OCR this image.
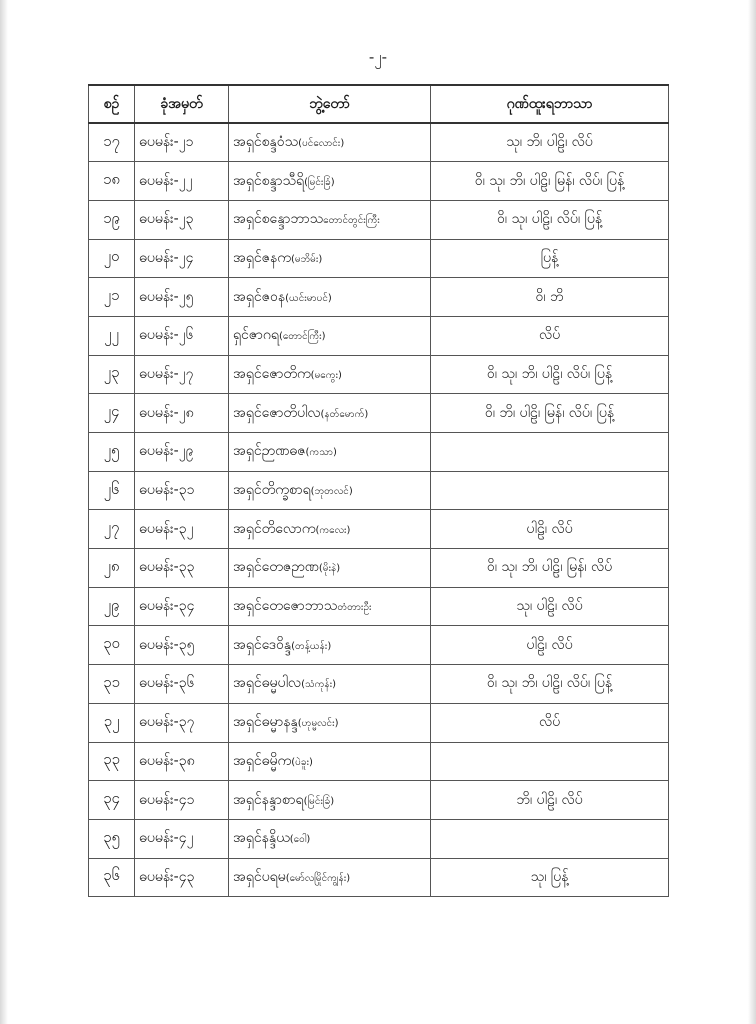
-၂-
စဉ်	ခုံအမှတ်	ဘွဲ့တော်	ဂုဏ်ထူးရဘာသာ
၁၇	ဓပမန်း-၂၁	အရှင်စန္ဒဝံသ(ပင်လောင်း)	သု၊ ဘိ၊ ပါဠိ၊ လိပ်
၁၈	ဓပမန်း-၂၂	အရှင်စန္ဒာသီရိ(မြင်းခြံ)	ဝိ၊ သု၊ ဘိ၊ ပါဠိ၊ မြန်၊ လိပ်၊ ပြန့်
၁၉	ဓပမန်း-၂၃	အရှင်စန္ဒောဘာသတောင်တွင်းကြီး	ဝိ၊ သု၊ ပါဠိ၊ လိပ်၊ ပြန့်
၂၀	ဓပမန်း-၂၄	အရှင်ဇနက(မဘိမ်း)	ပြန့်
၂၁	ဓပမန်း-၂၅	အရှင်ဇဝန(ယင်းမာပင်)	ဝိ၊ ဘိ
၂၂	ဓပမန်း-၂၆	ရှင်ဇာဂရ(တောင်ကြီး)	လိပ်
၂၃	ဓပမန်း-၂၇	အရှင်ဇောတိက(မကွေး)	ဝိ၊ သု၊ ဘိ၊ ပါဠိ၊ လိပ်၊ ပြန့်
၂၄	ဓပမန်း-၂၈	အရှင်ဇောတိပါလ(နတ်မောက်)	ဝိ၊ ဘိ၊ ပါဠိ၊ မြန်၊ လိပ်၊ ပြန့်
၂၅	ဓပမန်း-၂၉	အရှင်ဉာဏဓဇ(ကသာ)	
၂၆	ဓပမန်း-၃၁	အရှင်တိက္ခစာရ(ဘုတလင်)	
၂၇	ဓပမန်း-၃၂	အရှင်တိလောက(ကလေး)	ပါဠိ၊ လိပ်
၂၈	ဓပမန်း-၃၃	အရှင်တေဇဉာဏ(မိုးနဲ)	ဝိ၊ သု၊ ဘိ၊ ပါဠိ၊ မြန်၊ လိပ်
၂၉	ဓပမန်း-၃၄	အရှင်တေဇောဘာသတံတားဦး	သု၊ ပါဠိ၊ လိပ်
၃၀	ဓပမန်း-၃၅	အရှင်ဒေဝိန္ဒ(တန့်ယန်း)	ပါဠိ၊ လိပ်
၃၁	ဓပမန်း-၃၆	အရှင်ဓမ္မပါလ(သံကုန်း)	ဝိ၊ သု၊ ဘိ၊ ပါဠိ၊ လိပ်၊ ပြန့်
၃၂	ဓပမန်း-၃၇	အရှင်ဓမ္မာနန္ဒ(ဟုမ္မလင်း)	လိပ်
၃၃	ဓပမန်း-၃၈	အရှင်ဓမ္မိက(ပဲခူး)	
၃၄	ဓပမန်း-၄၁	အရှင်နန္ဒာစာရ(မြင်းခြံ)	ဘိ၊ ပါဠိ၊ လိပ်
၃၅	ဓပမန်း-၄၂	အရှင်နန္ဒိယ(ဝေါ)	
၃၆	ဓပမန်း-၄၃	အရှင်ပရမ(မော်လမြိုင်ကျွန်း)	သု၊ ပြန့်
